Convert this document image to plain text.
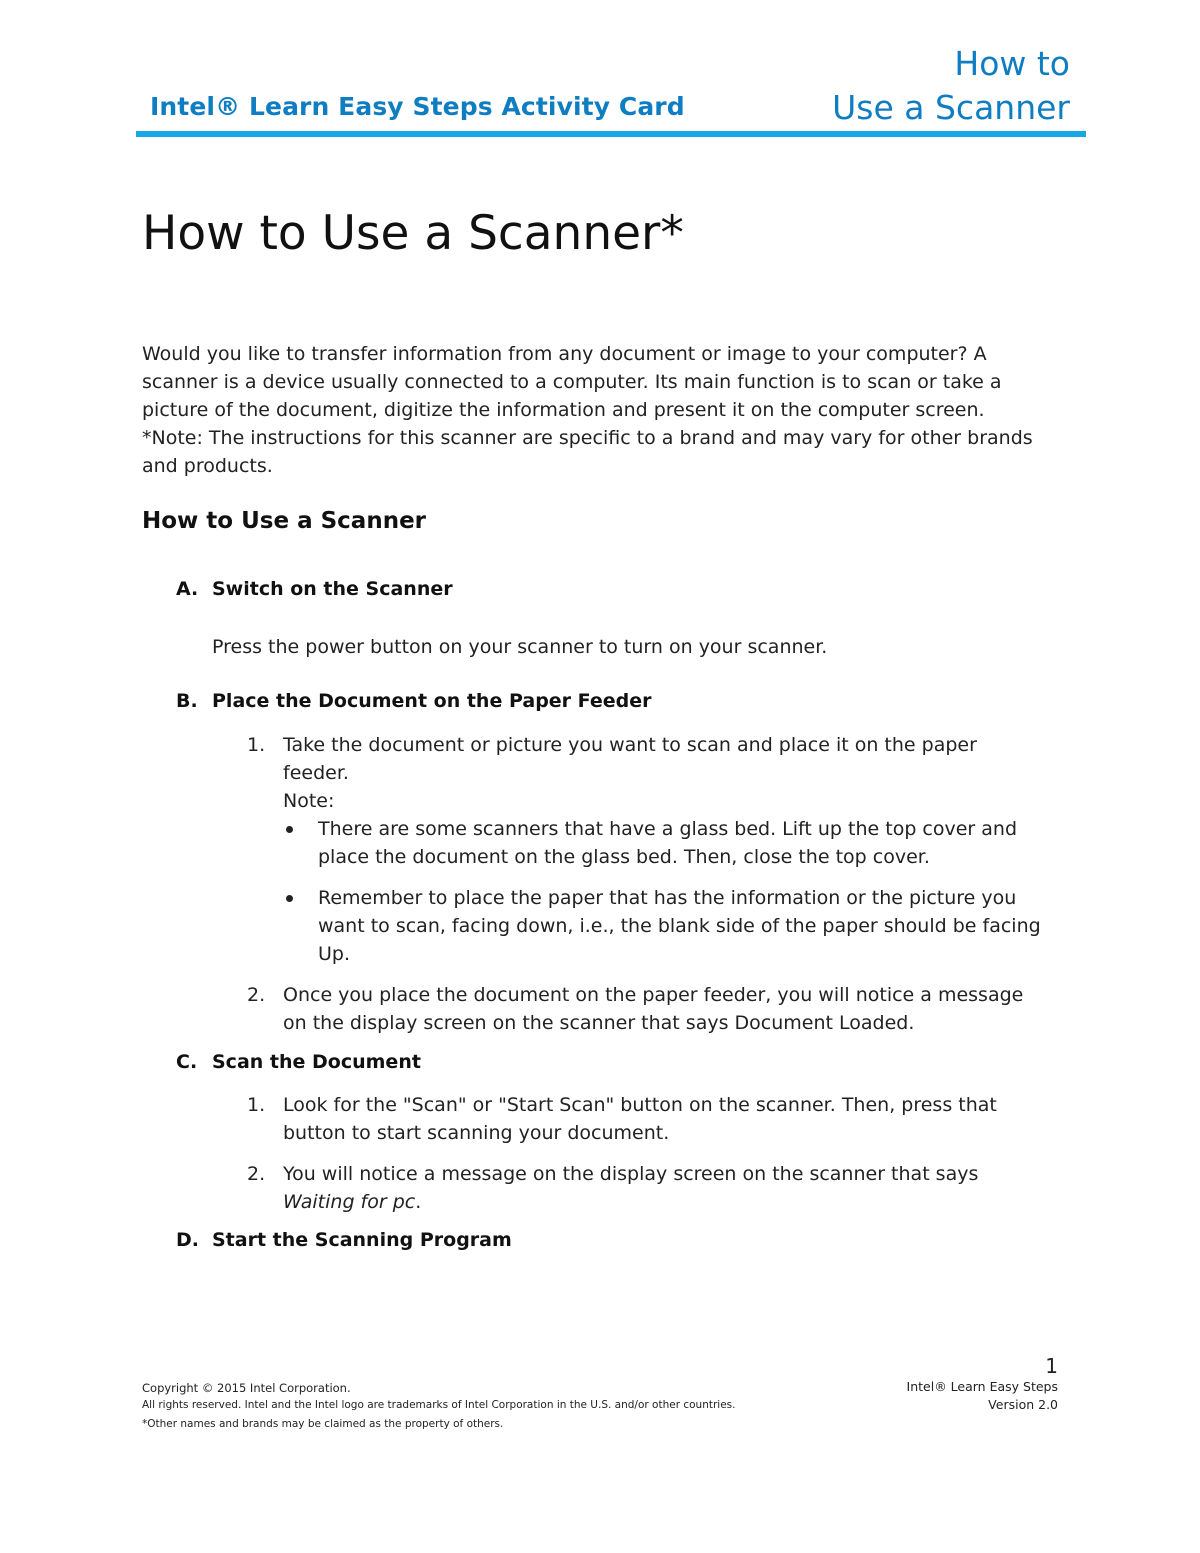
Intel® Learn Easy Steps Activity Card
How to
Use a Scanner
How to Use a Scanner*

Would you like to transfer information from any document or image to your computer? A

scanner is a device usually connected to a computer. Its main function is to scan or take a

picture of the document, digitize the information and present it on the computer screen.

*Note: The instructions for this scanner are specific to a brand and may vary for other brands

and products.

How to Use a Scanner
A. Switch on the Scanner
Press the power button on your scanner to turn on your scanner.
B. Place the Document on the Paper Feeder
1. Take the document or picture you want to scan and place it on the paper
feeder.
Note:
There are some scanners that have a glass bed. Lift up the top cover and
place the document on the glass bed. Then, close the top cover.
Remember to place the paper that has the information or the picture you
want to scan, facing down, i.e., the blank side of the paper should be facing
Up.
2. Once you place the document on the paper feeder, you will notice a message
on the display screen on the scanner that says Document Loaded.
C. Scan the Document
1. Look for the "Scan" or "Start Scan" button on the scanner. Then, press that
button to start scanning your document.
2. You will notice a message on the display screen on the scanner that says
Waiting for pc.
D. Start the Scanning Program
1
Copyright © 2015 Intel Corporation.
All rights reserved. Intel and the Intel logo are trademarks of Intel Corporation in the U.S. and/or other countries.
*Other names and brands may be claimed as the property of others.
Intel® Learn Easy Steps
Version 2.0
